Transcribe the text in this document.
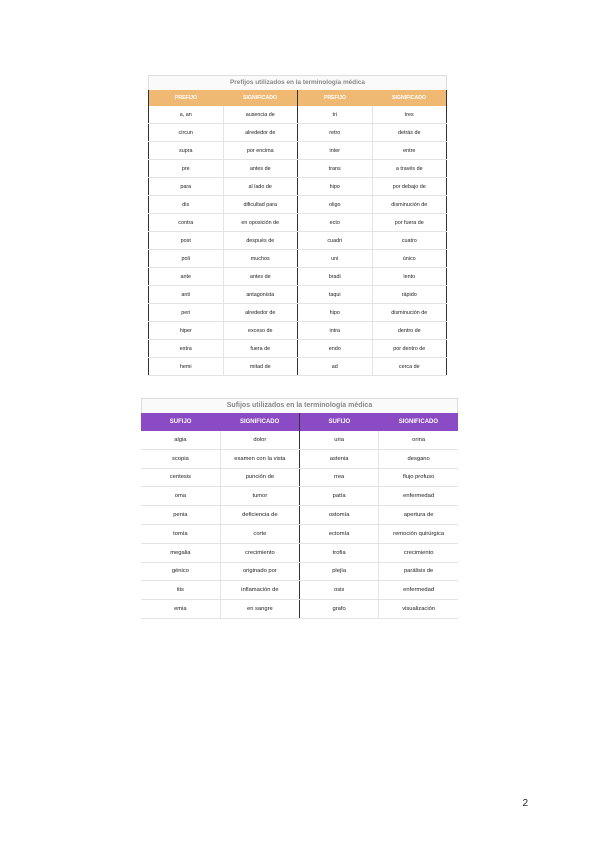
Prefijos utilizados en la terminología médica
PREFIJO	SIGNIFICADO	PREFIJO	SIGNIFICADO
a, an	ausencia de	tri	tres
circun	alrededor de	retro	detrás de
supra	por encima	inter	entre
pre	antes de	trans	a través de
para	al lado de	hipo	por debajo de
dis	dificultad para	oligo	disminución de
contra	en oposición de	ecto	por fuera de
post	después de	cuadri	cuatro
poli	muchos	uni	único
ante	antes de	bradi	lento
anti	antagonista	taqui	rápido
peri	alrededor de	hipo	disminución de
hiper	exceso de	intra	dentro de
extra	fuera de	endo	por dentro de
hemi	mitad de	ad	cerca de
Sufijos utilizados en la terminología médica
SUFIJO	SIGNIFICADO	SUFIJO	SIGNIFICADO
algia	dolor	uria	orina
scopia	examen con la vista	astenia	desgano
centesis	punción de	rrea	flujo profuso
oma	tumor	patía	enfermedad
penia	deficiencia de	ostomía	apertura de
tomía	corte	ectomía	remoción quirúrgica
megalia	crecimiento	trofia	crecimiento
génico	originado por	plejía	parálisis de
itis	inflamación de	osis	enfermedad
emia	en sangre	grafo	visualización
2
